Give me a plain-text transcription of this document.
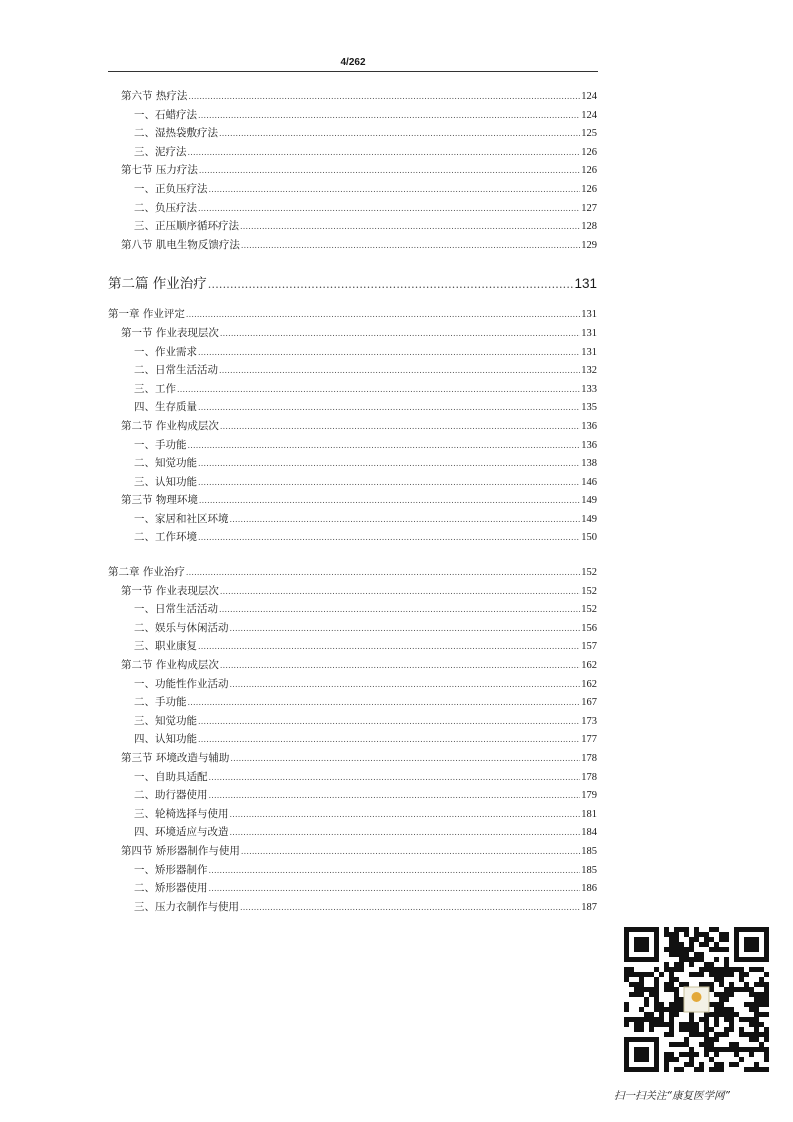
4/262
第六节 热疗法 .....	124
一、石蜡疗法 .....	124
二、湿热袋敷疗法 .....	125
三、泥疗法 .....	126
第七节 压力疗法 .....	126
一、正负压疗法 .....	126
二、负压疗法 .....	127
三、正压顺序循环疗法 .....	128
第八节 肌电生物反馈疗法 .....	129
第二篇 作业治疗 .....	131
第一章 作业评定 .....	131
第一节 作业表现层次 .....	131
一、作业需求 .....	131
二、日常生活活动 .....	132
三、工作 .....	133
四、生存质量 .....	135
第二节 作业构成层次 .....	136
一、手功能 .....	136
二、知觉功能 .....	138
三、认知功能 .....	146
第三节 物理环境 .....	149
一、家居和社区环境 .....	149
二、工作环境 .....	150
第二章 作业治疗 .....	152
第一节 作业表现层次 .....	152
一、日常生活活动 .....	152
二、娱乐与休闲活动 .....	156
三、职业康复 .....	157
第二节 作业构成层次 .....	162
一、功能性作业活动 .....	162
二、手功能 .....	167
三、知觉功能 .....	173
四、认知功能 .....	177
第三节 环境改造与辅助 .....	178
一、自助具适配 .....	178
二、助行器使用 .....	179
三、轮椅选择与使用 .....	181
四、环境适应与改造 .....	184
第四节 矫形器制作与使用 .....	185
一、矫形器制作 .....	185
二、矫形器使用 .....	186
三、压力衣制作与使用 .....	187
扫一扫关注“康复医学网”
